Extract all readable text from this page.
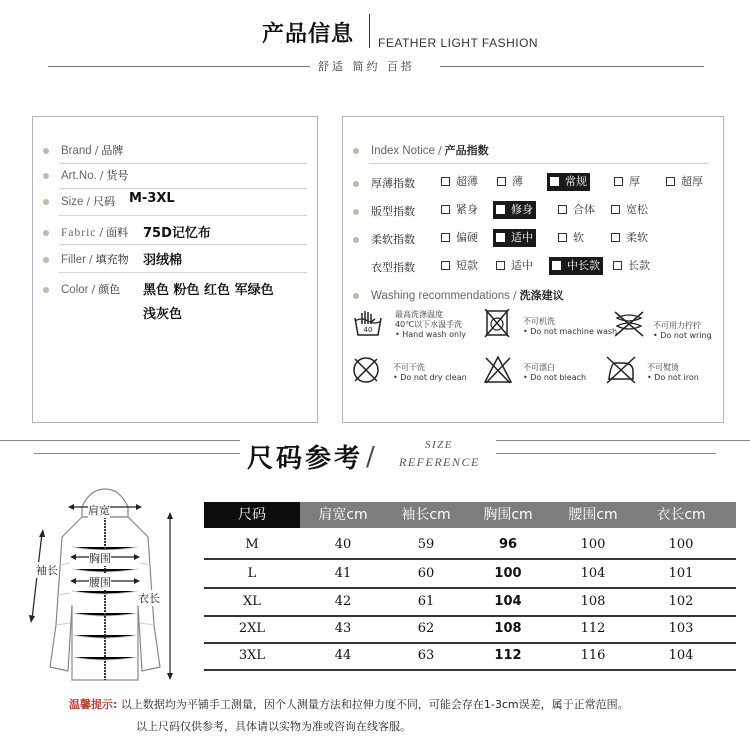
产品信息 FEATHER LIGHT FASHION
舒适 简约 百搭
Brand / 品牌
Art.No. / 货号
Size / 尺码 M-3XL
Fabric / 面料 75D记忆布
Filler / 填充物 羽绒棉
Color / 颜色 黑色 粉色 红色 军绿色
浅灰色
Index Notice / 产品指数
厚薄指数	超薄	薄	常规	厚	超厚
版型指数	紧身	修身	合体	宽松
柔软指数	偏硬	适中	软	柔软
衣型指数	短款	适中	中长款	长款
Washing recommendations / 洗涤建议
40
最高洗涤温度
40℃以下水温手洗
• Hand wash only
不可机洗
• Do not machine wash
不可用力拧拧
• Do not wring
不可干洗
• Do not dry clean
不可漂白
• Do not bleach
不可熨烫
• Do not iron
尺码参考 /	SIZE
REFERENCE
肩宽
胸围
腰围
袖长
衣长
尺码	肩宽cm	袖长cm	胸围cm	腰围cm	衣长cm
M	40	59	96	100	100
L	41	60	100	104	101
XL	42	61	104	108	102
2XL	43	62	108	112	103
3XL	44	63	112	116	104
温馨提示: 以上数据均为平铺手工测量，因个人测量方法和拉伸力度不同，可能会存在1-3cm误差，属于正常范围。
以上尺码仅供参考，具体请以实物为准或咨询在线客服。
